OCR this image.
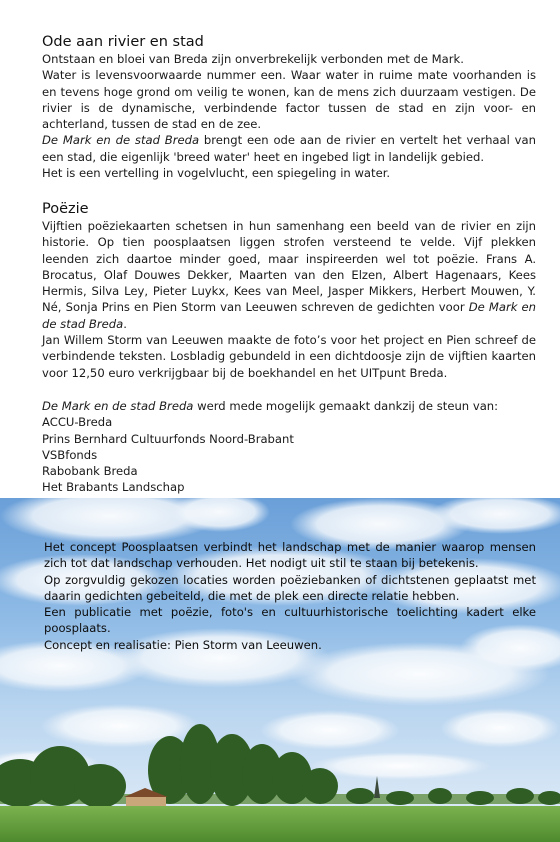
Ode aan rivier en stad

Ontstaan en bloei van Breda zijn onverbrekelijk verbonden met de Mark.

Water is levensvoorwaarde nummer een. Waar water in ruime mate voorhanden is en tevens hoge grond om veilig te wonen, kan de mens zich duurzaam vestigen. De rivier is de dynamische, verbindende factor tussen de stad en zijn voor- en achterland, tussen de stad en de zee.

De Mark en de stad Breda brengt een ode aan de rivier en vertelt het verhaal van een stad, die eigenlijk 'breed water' heet en ingebed ligt in landelijk gebied.

Het is een vertelling in vogelvlucht, een spiegeling in water.

Poëzie

Vijftien poëziekaarten schetsen in hun samenhang een beeld van de rivier en zijn historie. Op tien poosplaatsen liggen strofen versteend te velde. Vijf plekken leenden zich daartoe minder goed, maar inspireerden wel tot poëzie. Frans A. Brocatus, Olaf Douwes Dekker, Maarten van den Elzen, Albert Hagenaars, Kees Hermis, Silva Ley, Pieter Luykx, Kees van Meel, Jasper Mikkers, Herbert Mouwen, Y. Né, Sonja Prins en Pien Storm van Leeuwen schreven de gedichten voor De Mark en de stad Breda.

Jan Willem Storm van Leeuwen maakte de foto’s voor het project en Pien schreef de verbindende teksten. Losbladig gebundeld in een dichtdoosje zijn de vijftien kaarten voor 12,50 euro verkrijgbaar bij de boekhandel en het UITpunt Breda.

De Mark en de stad Breda werd mede mogelijk gemaakt dankzij de steun van:

ACCU-Breda

Prins Bernhard Cultuurfonds Noord-Brabant

VSBfonds

Rabobank Breda

Het Brabants Landschap

Het concept Poosplaatsen verbindt het landschap met de manier waarop mensen zich tot dat landschap verhouden. Het nodigt uit stil te staan bij betekenis.

Op zorgvuldig gekozen locaties worden poëziebanken of dichtstenen geplaatst met daarin gedichten gebeiteld, die met de plek een directe relatie hebben.

Een publicatie met poëzie, foto's en cultuurhistorische toelichting kadert elke poosplaats.

Concept en realisatie: Pien Storm van Leeuwen.
